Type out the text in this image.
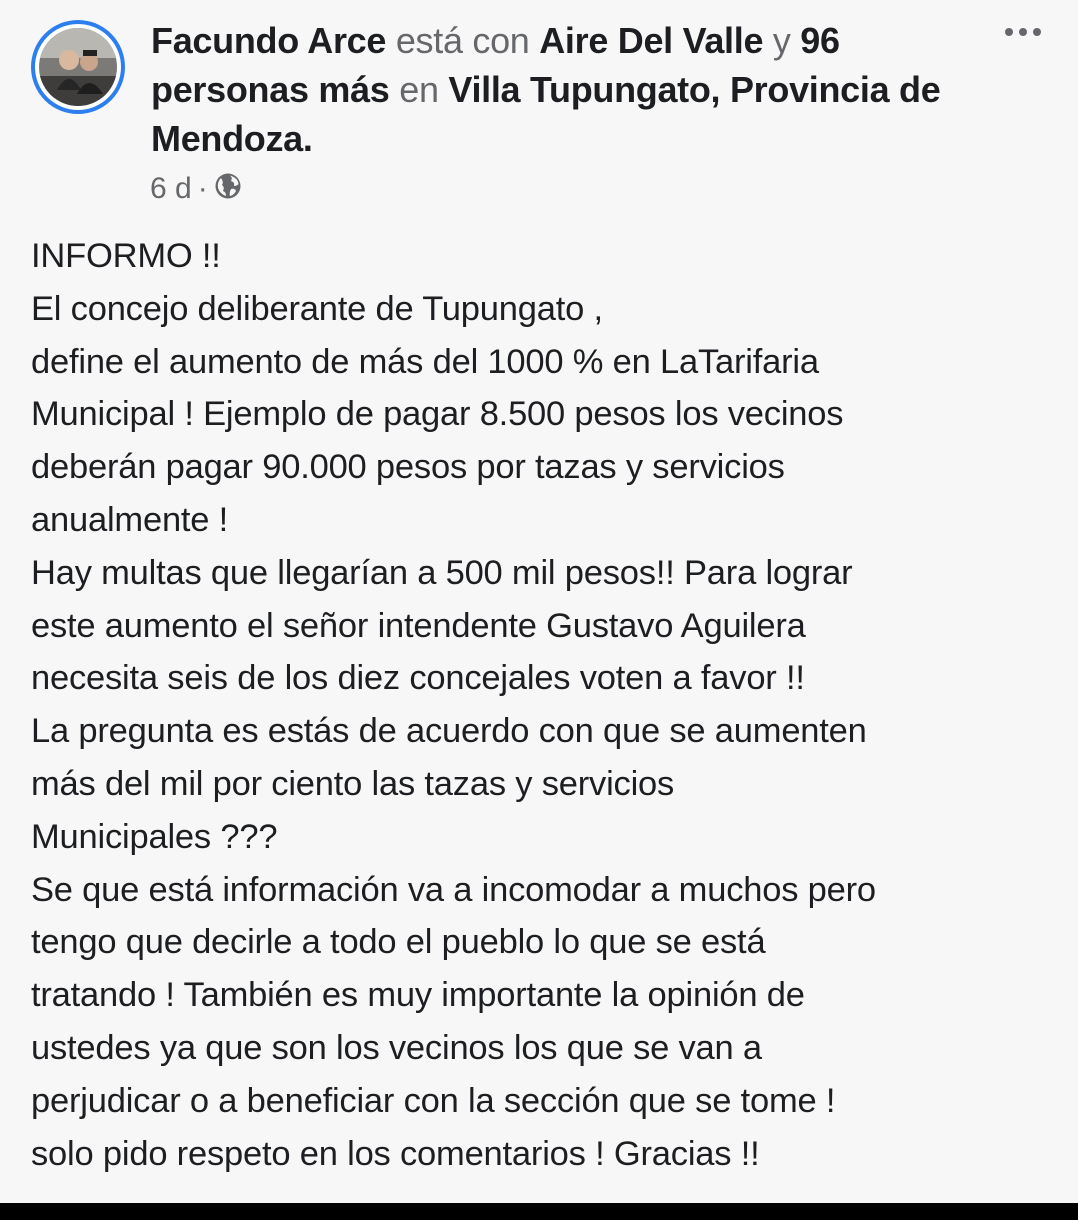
Facundo Arce está con Aire Del Valle y 96 personas más en Villa Tupungato, Provincia de Mendoza.
6 d ·
INFORMO !!
El concejo deliberante de Tupungato ,
define el aumento de más del 1000 % en LaTarifaria
Municipal ! Ejemplo de pagar 8.500 pesos los vecinos
deberán pagar 90.000 pesos por tazas y servicios
anualmente !
Hay multas que llegarían a 500 mil pesos!! Para lograr
este aumento el señor intendente Gustavo Aguilera
necesita seis de los diez concejales voten a favor !!
La pregunta es estás de acuerdo con que se aumenten
más del mil por ciento las tazas y servicios
Municipales ???
Se que está información va a incomodar a muchos pero
tengo que decirle a todo el pueblo lo que se está
tratando ! También es muy importante la opinión de
ustedes ya que son los vecinos los que se van a
perjudicar o a beneficiar con la sección que se tome !
solo pido respeto en los comentarios ! Gracias !!
